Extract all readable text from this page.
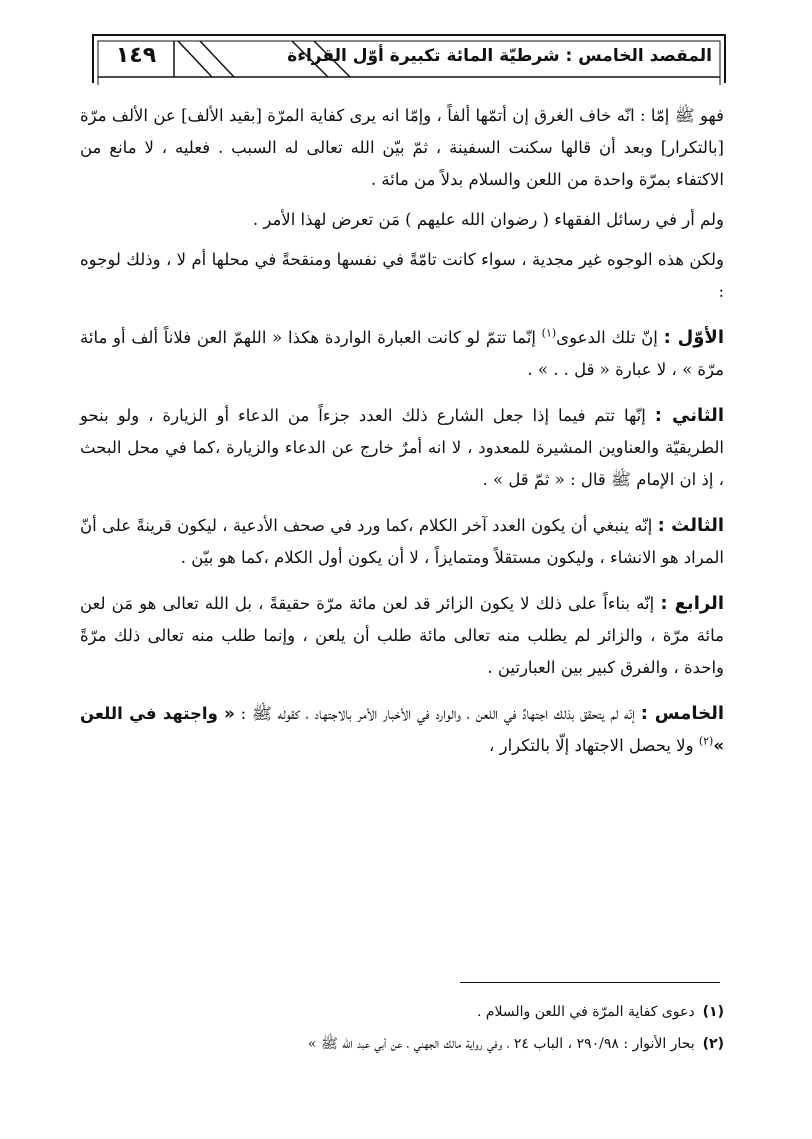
١٤٩	المقصد الخامس : شرطيّة المائة تكبيرة أوّل القراءة

فهو ﷺ إمّا : انّه خاف الغرق إن أتمّها ألفاً ، وإمّا انه يرى كفاية المرّة [بقيد الألف] عن الألف مرّة [بالتكرار] وبعد أن قالها سكنت السفينة ، ثمّ بيّن الله تعالى له السبب . فعليه ، لا مانع من الاكتفاء بمرّة واحدة من اللعن والسلام بدلاً من مائة .

ولم أر في رسائل الفقهاء ( رضوان الله عليهم ) مَن تعرض لهذا الأمر .

ولكن هذه الوجوه غير مجدية ، سواء كانت تامّةً في نفسها ومنقحةً في محلها أم لا ، وذلك لوجوه :

الأوّل : إنّ تلك الدعوى$^{(١)}$ إنّما تتمّ لو كانت العبارة الواردة هكذا « اللهمّ العن فلاناً ألف أو مائة مرّة » ، لا عبارة « قل . . » .

الثاني : إنّها تتم فيما إذا جعل الشارع ذلك العدد جزءاً من الدعاء أو الزيارة ، ولو بنحو الطريقيّة والعناوين المشيرة للمعدود ، لا انه أمرٌ خارج عن الدعاء والزيارة ،كما في محل البحث ، إذ ان الإمام ﷺ قال : « ثمّ قل » .

الثالث : إنّه ينبغي أن يكون العدد آخر الكلام ،كما ورد في صحف الأدعية ، ليكون قرينةً على أنّ المراد هو الانشاء ، وليكون مستقلاً ومتمايزاً ، لا أن يكون أول الكلام ،كما هو بيّن .

الرابع : إنّه بناءاً على ذلك لا يكون الزائر قد لعن مائة مرّة حقيقةً ، بل الله تعالى هو مَن لعن مائة مرّة ، والزائر لم يطلب منه تعالى مائة طلب أن يلعن ، وإنما طلب منه تعالى ذلك مرّةً واحدة ، والفرق كبير بين العبارتين .

الخامس : إنّه لم يتحقق بذلك اجتهادٌ في اللعن ، والوارد في الأخبار الأمر بالاجتهاد ، كقوله ﷺ : « واجتهد في اللعن »$^{(٢)}$ ولا يحصل الاجتهاد إلّا بالتكرار ،

(١)دعوى كفاية المرّة في اللعن والسلام .
(٢)بحار الأنوار : ٢٩٠/٩٨ ، الباب ٢٤ ، وفي رواية مالك الجهني ، عن أبي عبد الله ﷺ »
